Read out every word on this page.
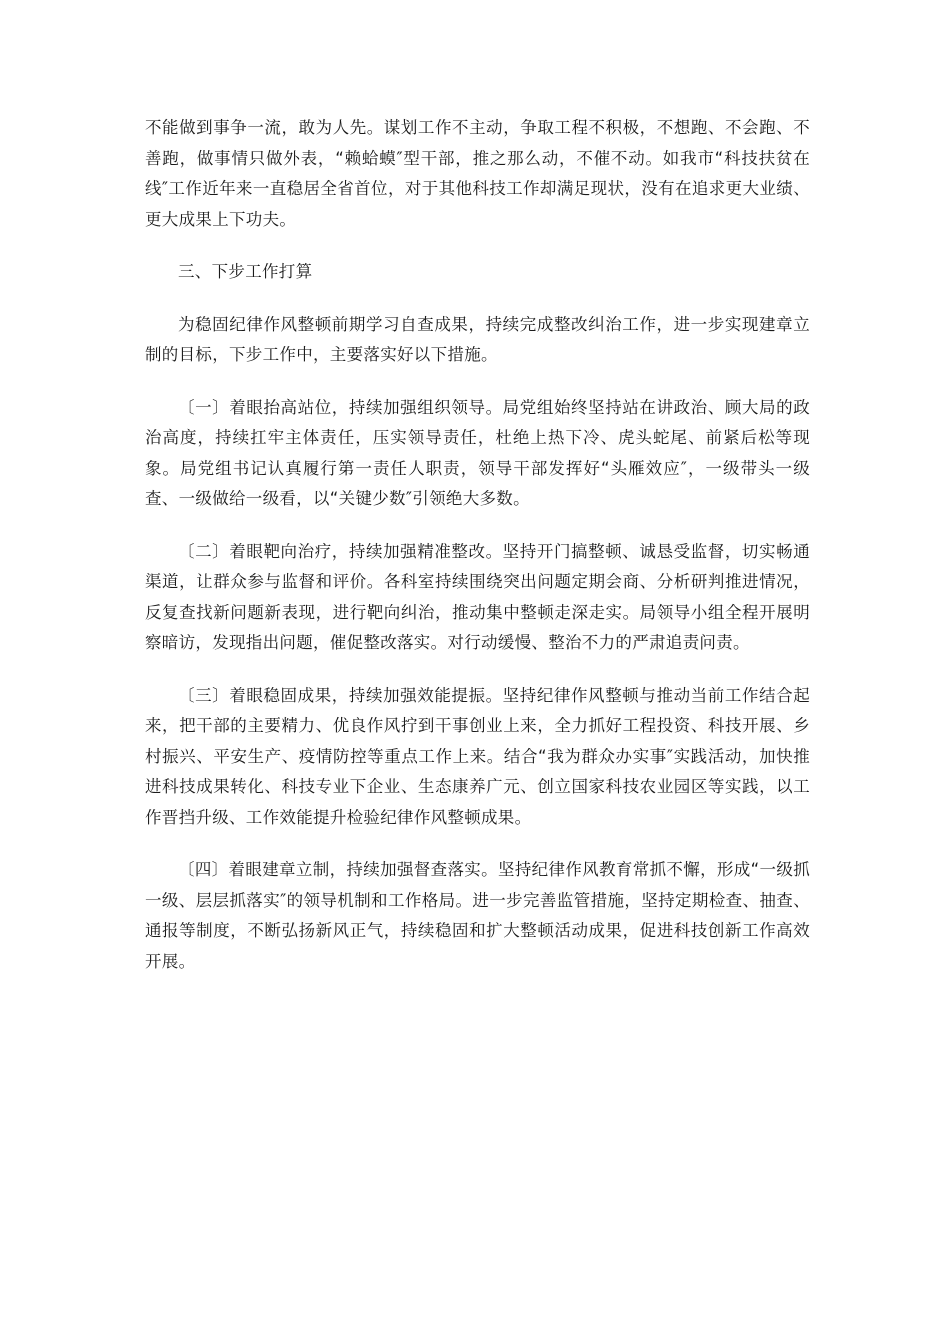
不能做到事争一流，敢为人先。谋划工作不主动，争取工程不积极，不想跑、不会跑、不善跑，做事情只做外表，“赖蛤蟆″型干部，推之那么动，不催不动。如我市“科技扶贫在线″工作近年来一直稳居全省首位，对于其他科技工作却满足现状，没有在追求更大业绩、更大成果上下功夫。

三、下步工作打算

为稳固纪律作风整顿前期学习自查成果，持续完成整改纠治工作，进一步实现建章立制的目标，下步工作中，主要落实好以下措施。

〔一〕着眼抬高站位，持续加强组织领导。局党组始终坚持站在讲政治、顾大局的政治高度，持续扛牢主体责任，压实领导责任，杜绝上热下冷、虎头蛇尾、前紧后松等现象。局党组书记认真履行第一责任人职责，领导干部发挥好“头雁效应″，一级带头一级查、一级做给一级看，以“关键少数″引领绝大多数。

〔二〕着眼靶向治疗，持续加强精准整改。坚持开门搞整顿、诚恳受监督，切实畅通渠道，让群众参与监督和评价。各科室持续围绕突出问题定期会商、分析研判推进情况，反复查找新问题新表现，进行靶向纠治，推动集中整顿走深走实。局领导小组全程开展明察暗访，发现指出问题，催促整改落实。对行动缓慢、整治不力的严肃追责问责。

〔三〕着眼稳固成果，持续加强效能提振。坚持纪律作风整顿与推动当前工作结合起来，把干部的主要精力、优良作风拧到干事创业上来，全力抓好工程投资、科技开展、乡村振兴、平安生产、疫情防控等重点工作上来。结合“我为群众办实事″实践活动，加快推进科技成果转化、科技专业下企业、生态康养广元、创立国家科技农业园区等实践，以工作晋挡升级、工作效能提升检验纪律作风整顿成果。

〔四〕着眼建章立制，持续加强督查落实。坚持纪律作风教育常抓不懈，形成“一级抓一级、层层抓落实″的领导机制和工作格局。进一步完善监管措施，坚持定期检查、抽查、通报等制度，不断弘扬新风正气，持续稳固和扩大整顿活动成果，促进科技创新工作高效开展。
